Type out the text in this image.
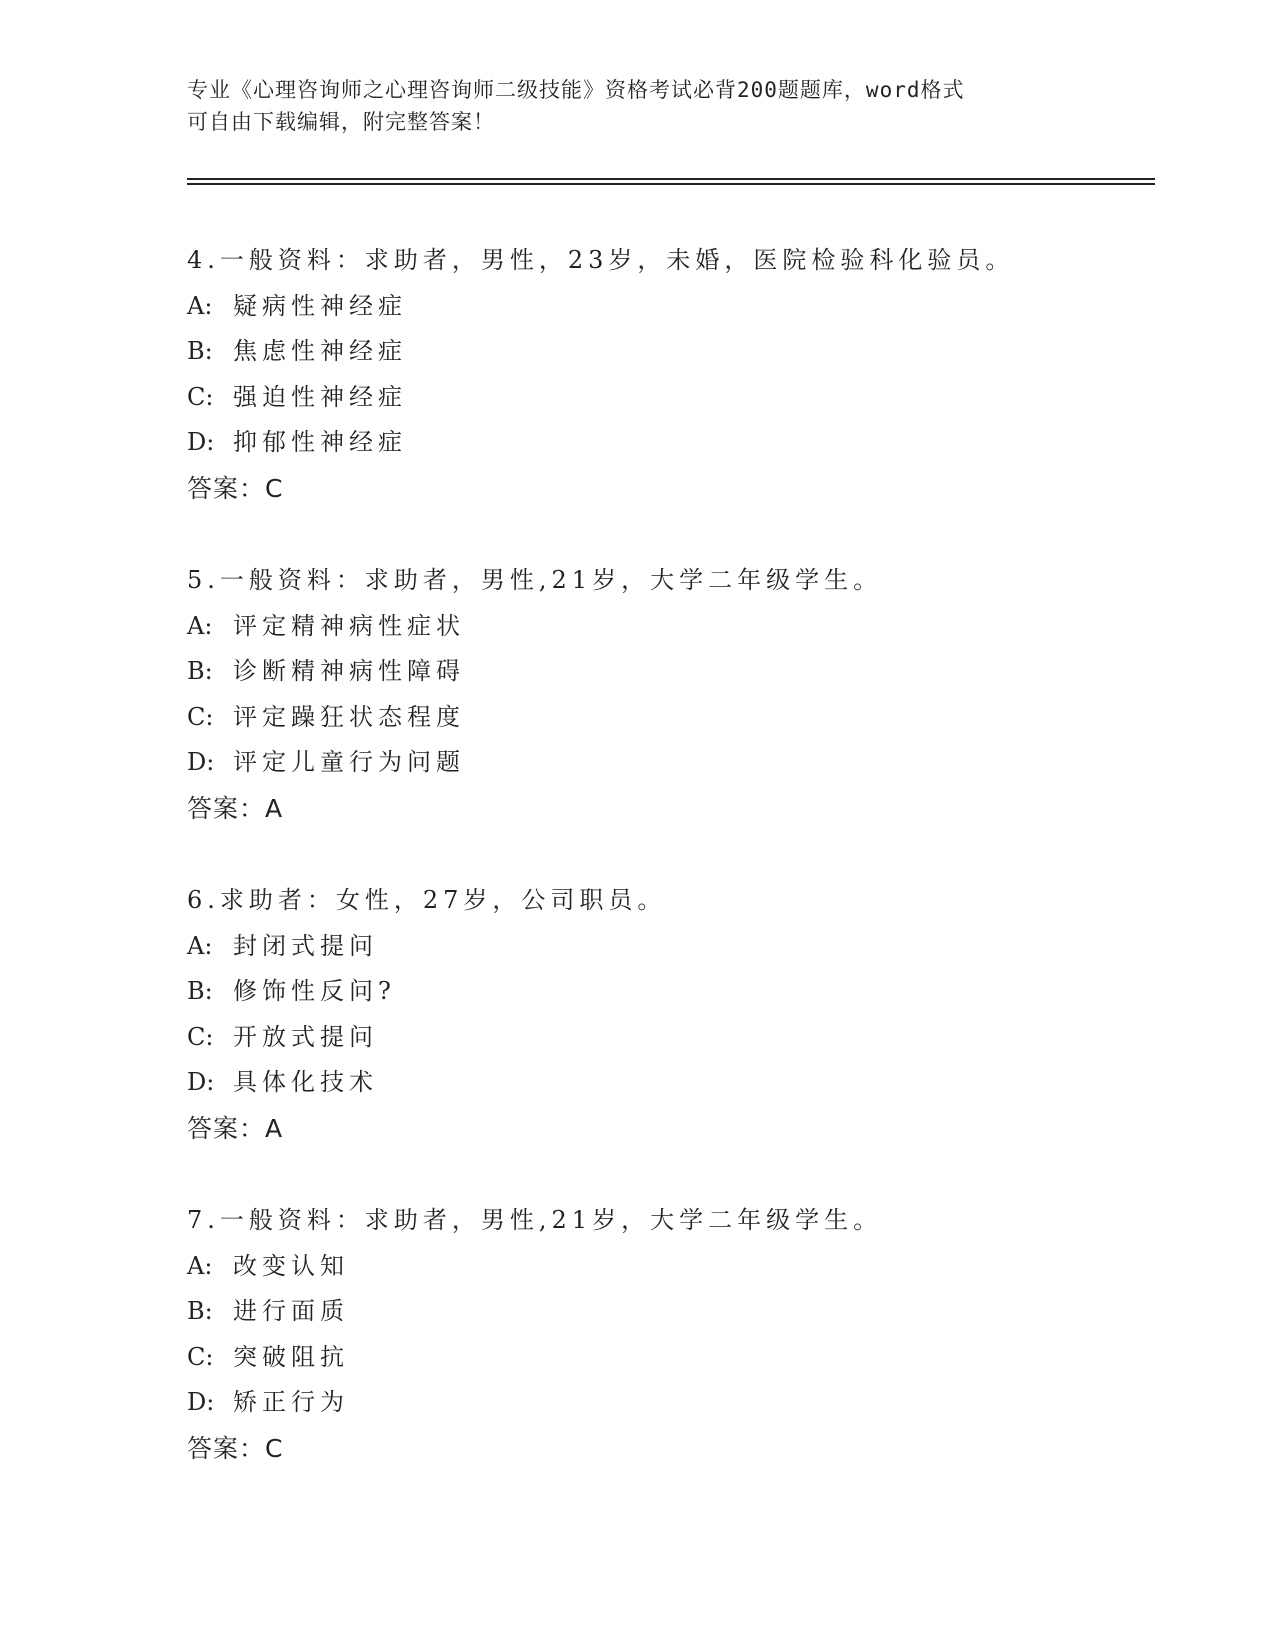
专业《心理咨询师之心理咨询师二级技能》资格考试必背200题题库，word格式
可自由下载编辑，附完整答案！
4.一般资料：求助者，男性，23岁，未婚，医院检验科化验员。
A: 疑病性神经症
B: 焦虑性神经症
C: 强迫性神经症
D: 抑郁性神经症
答案：C
5.一般资料：求助者，男性,21岁，大学二年级学生。
A: 评定精神病性症状
B: 诊断精神病性障碍
C: 评定躁狂状态程度
D: 评定儿童行为问题
答案：A
6.求助者：女性，27岁，公司职员。
A: 封闭式提问
B: 修饰性反问?
C: 开放式提问
D: 具体化技术
答案：A
7.一般资料：求助者，男性,21岁，大学二年级学生。
A: 改变认知
B: 进行面质
C: 突破阻抗
D: 矫正行为
答案：C
